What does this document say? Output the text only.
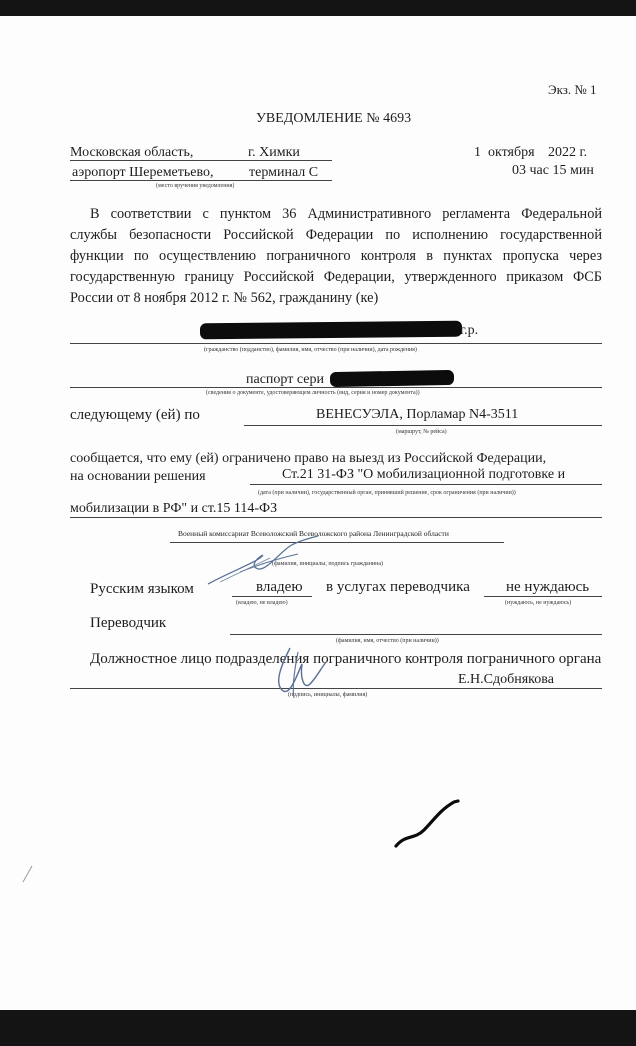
Экз. № 1
УВЕДОМЛЕНИЕ № 4693
Московская область,	г. Химки
аэропорт Шереметьево,	терминал С
(место вручения уведомления)
1 октября 2022 г.
03 час 15 мин
В соответствии с пунктом 36 Административного регламента Федеральной
службы безопасности Российской Федерации по исполнению государственной
функции по осуществлению пограничного контроля в пунктах пропуска через
государственную границу Российской Федерации, утвержденного приказом ФСБ
России от 8 ноября 2012 г. № 562, гражданину (ке)
г.р.
(гражданство (подданство), фамилия, имя, отчество (при наличии), дата рождения)
паспорт сери
(сведения о документе, удостоверяющем личность (вид, серия и номер документа))
следующему (ей) по	ВЕНЕСУЭЛА, Порламар N4-3511
(маршрут, № рейса)
сообщается, что ему (ей) ограничено право на выезд из Российской Федерации,
на основании решения	Ст.21 31-ФЗ "О мобилизационной подготовке и
(дата (при наличии), государственный орган, принявший решение, срок ограничения (при наличии))
мобилизации в РФ" и ст.15 114-ФЗ
Военный комиссариат Всеволожский Всеволожского района Ленинградской области
(фамилия, инициалы, подпись гражданина)
Русским языком	владею
(владею, не владею)
в услугах переводчика не нуждаюсь
(нуждаюсь, не нуждаюсь)
Переводчик
(фамилия, имя, отчество (при наличии))
Должностное лицо подразделения пограничного контроля пограничного органа
Е.Н.Сдобнякова
(подпись, инициалы, фамилия)
